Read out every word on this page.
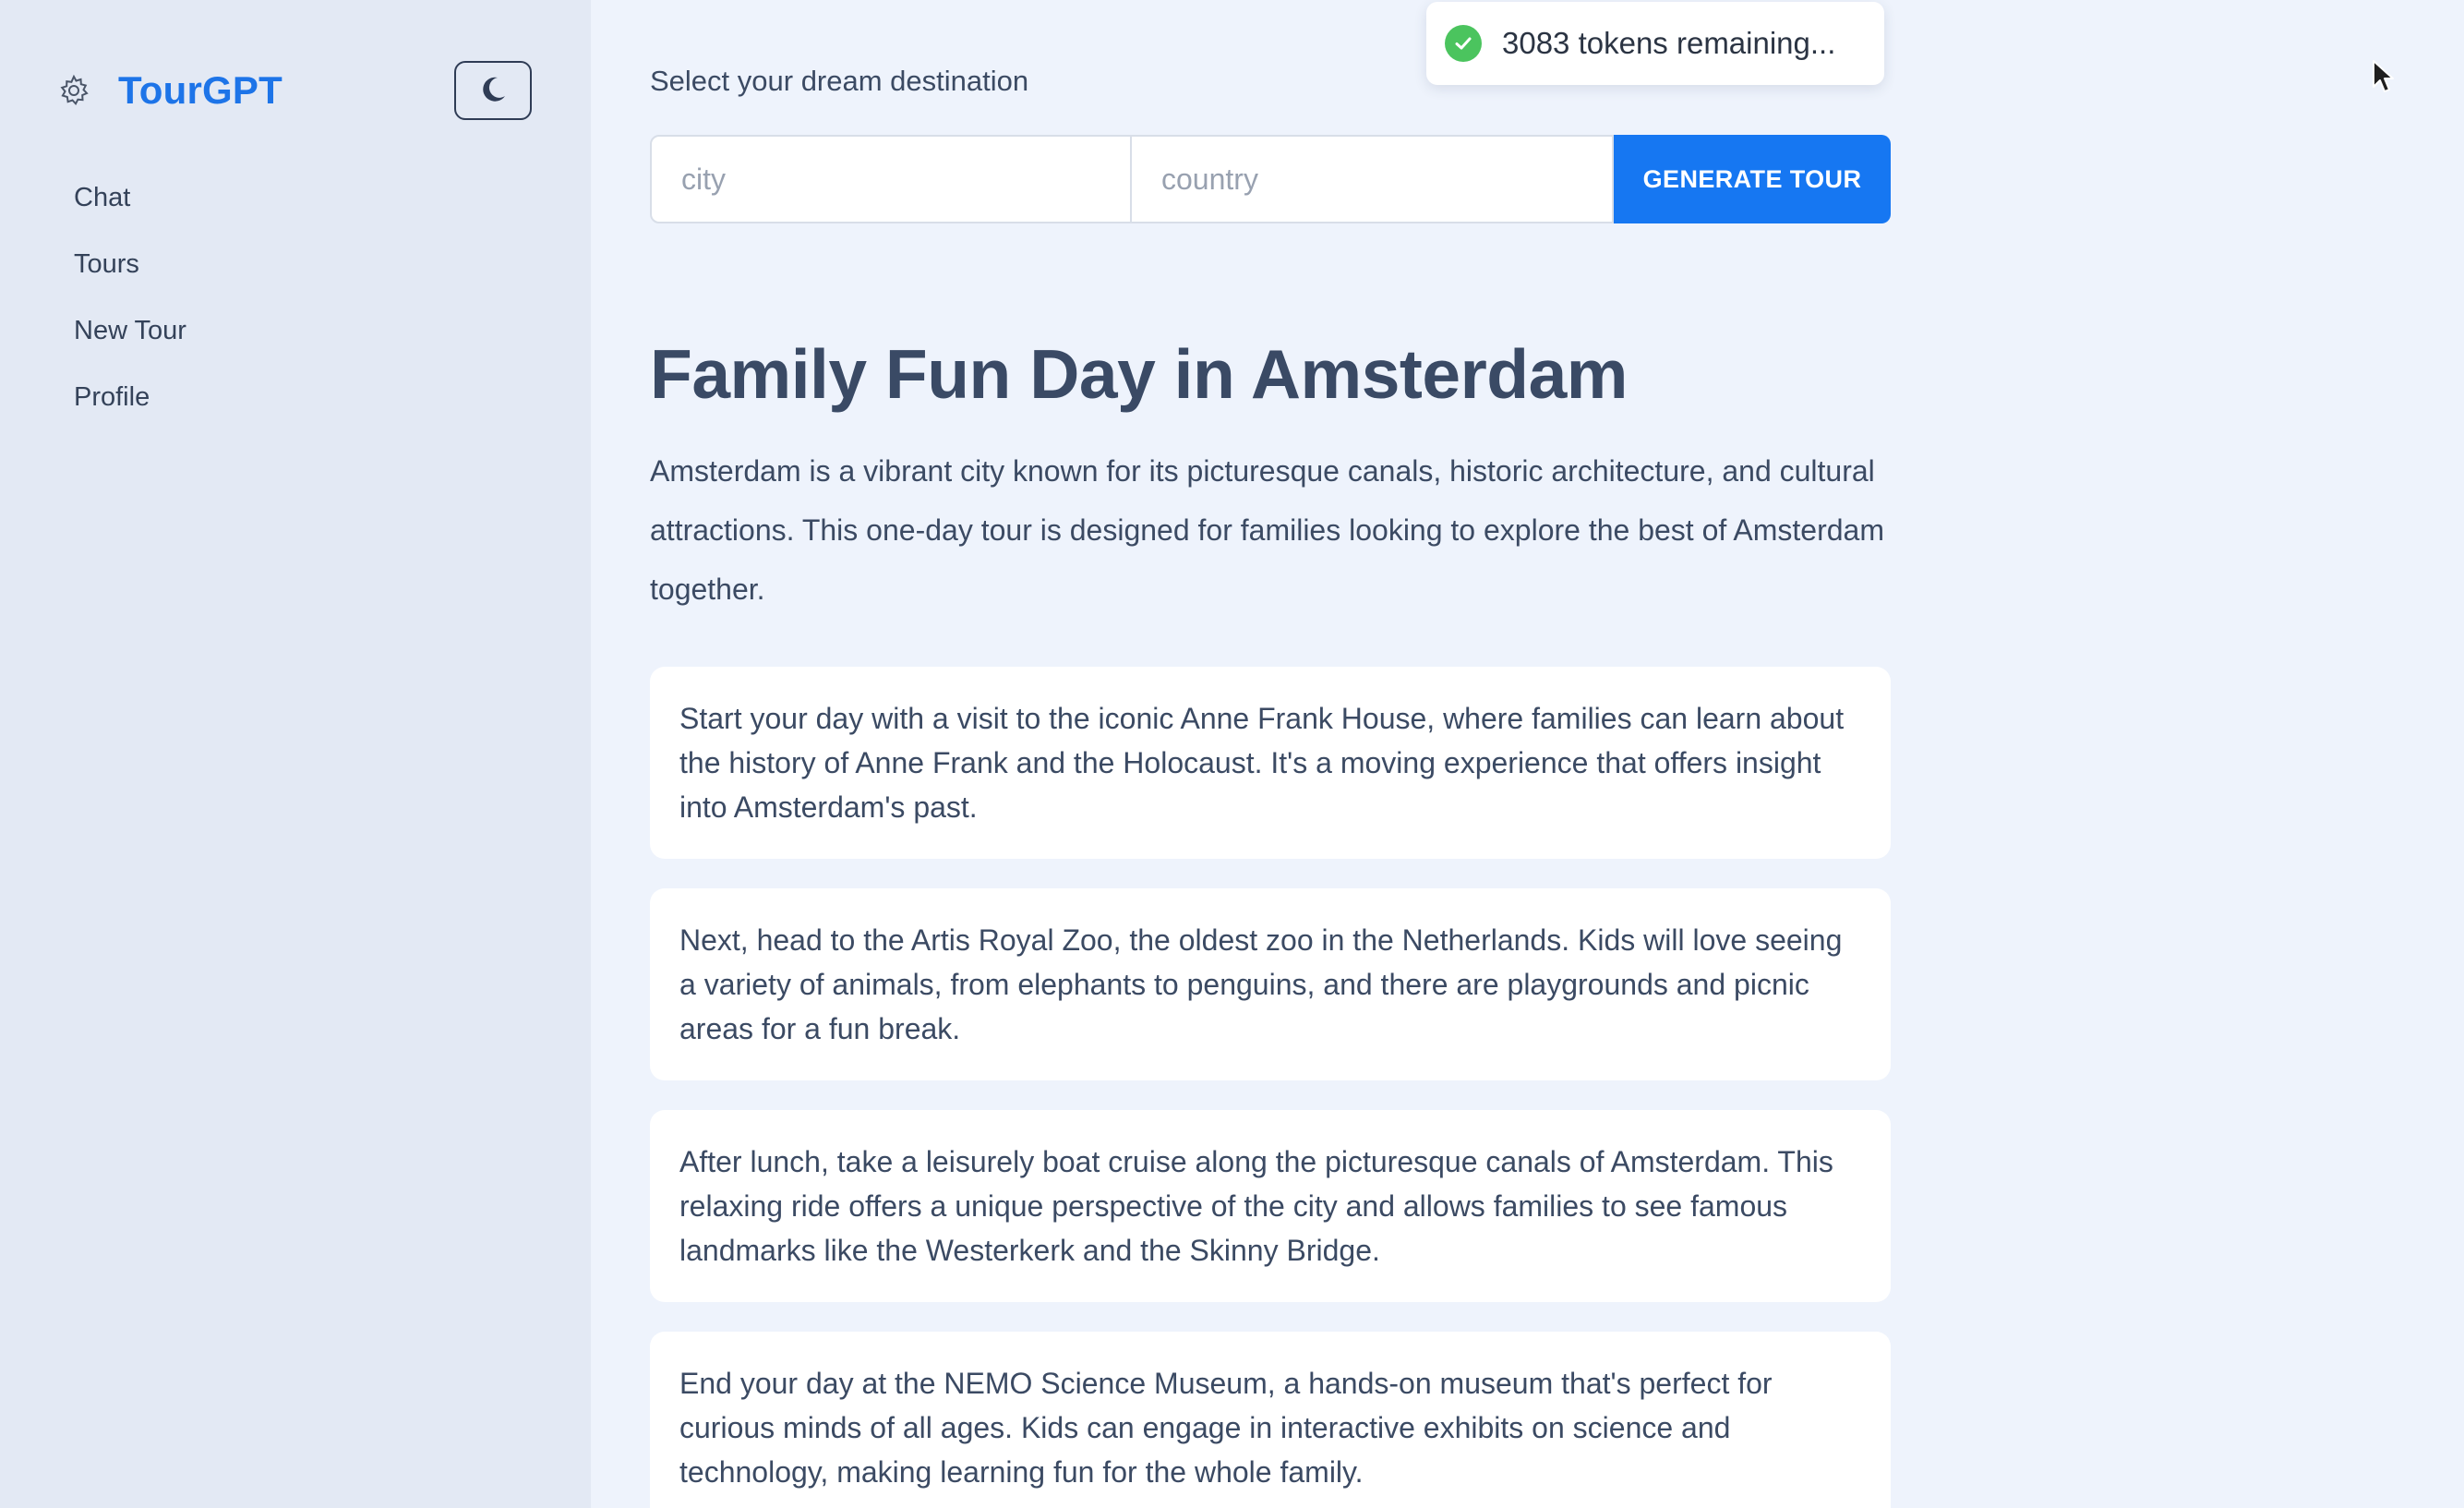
TourGPT
Chat
Tours
New Tour
Profile
Select your dream destination
city
country
GENERATE TOUR
Family Fun Day in Amsterdam

Amsterdam is a vibrant city known for its picturesque canals, historic architecture, and cultural attractions. This one-day tour is designed for families looking to explore the best of Amsterdam together.

Start your day with a visit to the iconic Anne Frank House, where families can learn about the history of Anne Frank and the Holocaust. It's a moving experience that offers insight into Amsterdam's past.
Next, head to the Artis Royal Zoo, the oldest zoo in the Netherlands. Kids will love seeing a variety of animals, from elephants to penguins, and there are playgrounds and picnic areas for a fun break.
After lunch, take a leisurely boat cruise along the picturesque canals of Amsterdam. This relaxing ride offers a unique perspective of the city and allows families to see famous landmarks like the Westerkerk and the Skinny Bridge.
End your day at the NEMO Science Museum, a hands-on museum that's perfect for curious minds of all ages. Kids can engage in interactive exhibits on science and technology, making learning fun for the whole family.
3083 tokens remaining...
